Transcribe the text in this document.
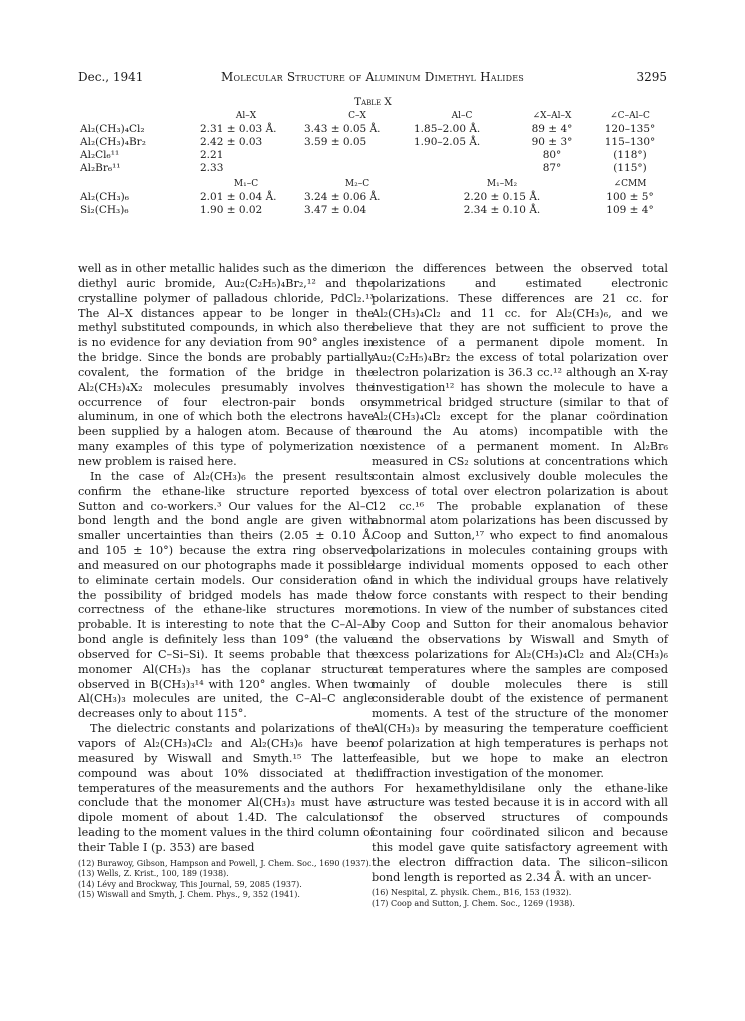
Dec., 1941	Molecular Structure of Aluminum Dimethyl Halides	3295
Table X
	Al–X	C–X	Al–C	∠X–Al–X	∠C–Al–C
Al₂(CH₃)₄Cl₂	2.31 ± 0.03 Å.	3.43 ± 0.05 Å.	1.85–2.00 Å.	89 ± 4°	120–135°
Al₂(CH₃)₄Br₂	2.42 ± 0.03	3.59 ± 0.05	1.90–2.05 Å.	90 ± 3°	115–130°
Al₂Cl₆¹¹	2.21			80°	(118°)
Al₂Br₆¹¹	2.33			87°	(115°)

	M₁–C	M₂–C	M₁–M₂		∠CMM
Al₂(CH₃)₆	2.01 ± 0.04 Å.	3.24 ± 0.06 Å.	2.20 ± 0.15 Å.		100 ± 5°
Si₂(CH₃)₆	1.90 ± 0.02	3.47 ± 0.04	2.34 ± 0.10 Å.		109 ± 4°

well as in other metallic halides such as the dimeric diethyl auric bromide, Au₂(C₂H₅)₄Br₂,¹² and the crystalline polymer of palladous chloride, PdCl₂.¹³ The Al–X distances appear to be longer in the methyl substituted compounds, in which also there is no evidence for any deviation from 90° angles in the bridge. Since the bonds are probably partially covalent, the formation of the bridge in the Al₂(CH₃)₄X₂ molecules presumably involves the occurrence of four electron-pair bonds on aluminum, in one of which both the electrons have been supplied by a halogen atom. Because of the many examples of this type of polymerization no new problem is raised here.

In the case of Al₂(CH₃)₆ the present results confirm the ethane-like structure reported by Sutton and co-workers.³ Our values for the Al–C bond length and the bond angle are given with smaller uncertainties than theirs (2.05 ± 0.10 Å. and 105 ± 10°) because the extra ring observed and measured on our photographs made it possible to eliminate certain models. Our consideration of the possibility of bridged models has made the correctness of the ethane-like structures more probable. It is interesting to note that the C–Al–Al bond angle is definitely less than 109° (the value observed for C–Si–Si). It seems probable that the monomer Al(CH₃)₃ has the coplanar structure observed in B(CH₃)₃¹⁴ with 120° angles. When two Al(CH₃)₃ molecules are united, the C–Al–C angle decreases only to about 115°.

The dielectric constants and polarizations of the vapors of Al₂(CH₃)₄Cl₂ and Al₂(CH₃)₆ have been measured by Wiswall and Smyth.¹⁵ The latter compound was about 10% dissociated at the temperatures of the measurements and the authors conclude that the monomer Al(CH₃)₃ must have a dipole moment of about 1.4D. The calculations leading to the moment values in the third column of their Table I (p. 353) are based

(12) Burawoy, Gibson, Hampson and Powell, J. Chem. Soc., 1690 (1937).

(13) Wells, Z. Krist., 100, 189 (1938).

(14) Lévy and Brockway, This Journal, 59, 2085 (1937).

(15) Wiswall and Smyth, J. Chem. Phys., 9, 352 (1941).

on the differences between the observed total polarizations and estimated electronic polarizations. These differences are 21 cc. for Al₂(CH₃)₄Cl₂ and 11 cc. for Al₂(CH₃)₆, and we believe that they are not sufficient to prove the existence of a permanent dipole moment. In Au₂(C₂H₅)₄Br₂ the excess of total polarization over electron polarization is 36.3 cc.¹² although an X-ray investigation¹² has shown the molecule to have a symmetrical bridged structure (similar to that of Al₂(CH₃)₄Cl₂ except for the planar coördination around the Au atoms) incompatible with the existence of a permanent moment. In Al₂Br₆ measured in CS₂ solutions at concentrations which contain almost exclusively double molecules the excess of total over electron polarization is about 12 cc.¹⁶ The probable explanation of these abnormal atom polarizations has been discussed by Coop and Sutton,¹⁷ who expect to find anomalous polarizations in molecules containing groups with large individual moments opposed to each other and in which the individual groups have relatively low force constants with respect to their bending motions. In view of the number of substances cited by Coop and Sutton for their anomalous behavior and the observations by Wiswall and Smyth of excess polarizations for Al₂(CH₃)₄Cl₂ and Al₂(CH₃)₆ at temperatures where the samples are composed mainly of double molecules there is still considerable doubt of the existence of permanent moments. A test of the structure of the monomer Al(CH₃)₃ by measuring the temperature coefficient of polarization at high temperatures is perhaps not feasible, but we hope to make an electron diffraction investigation of the monomer.

For hexamethyldisilane only the ethane-like structure was tested because it is in accord with all of the observed structures of compounds containing four coördinated silicon and because this model gave quite satisfactory agreement with the electron diffraction data. The silicon–silicon bond length is reported as 2.34 Å. with an uncer-

(16) Nespital, Z. physik. Chem., B16, 153 (1932).

(17) Coop and Sutton, J. Chem. Soc., 1269 (1938).
